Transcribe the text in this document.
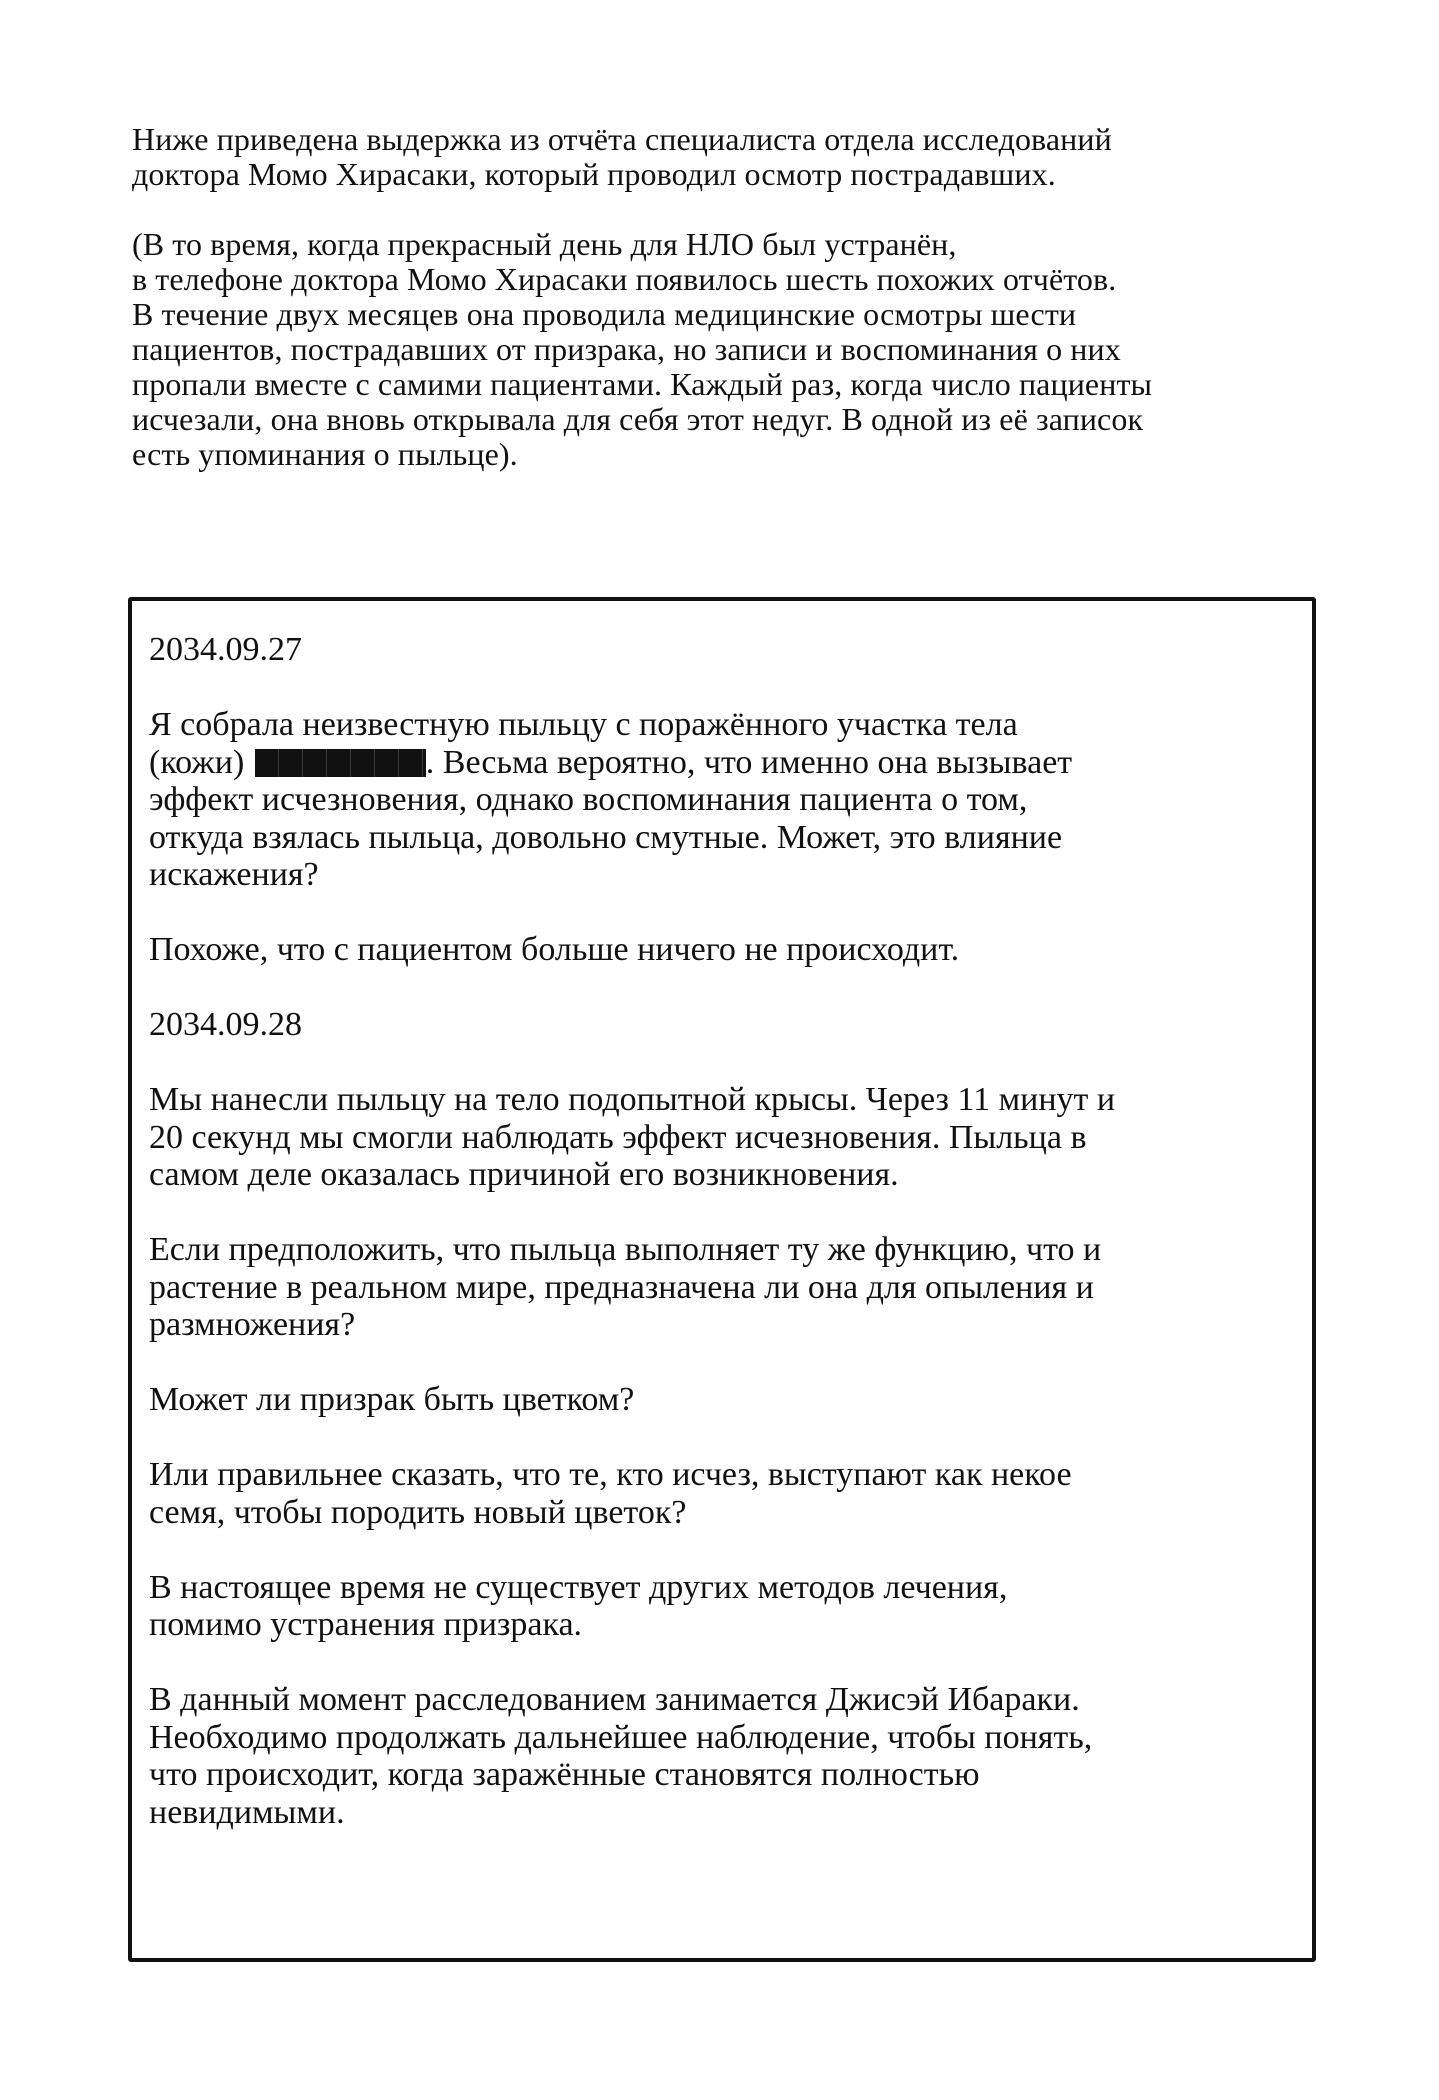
Ниже приведена выдержка из отчёта специалиста отдела исследований
доктора Момо Хирасаки, который проводил осмотр пострадавших.

(В то время, когда прекрасный день для НЛО был устранён,
в телефоне доктора Момо Хирасаки появилось шесть похожих отчётов.
В течение двух месяцев она проводила медицинские осмотры шести
пациентов, пострадавших от призрака, но записи и воспоминания о них
пропали вместе с самими пациентами. Каждый раз, когда число пациенты
исчезали, она вновь открывала для себя этот недуг. В одной из её записок
есть упоминания о пыльце).

2034.09.27

Я собрала неизвестную пыльцу с поражённого участка тела
(кожи)	. Весьма вероятно, что именно она вызывает
эффект исчезновения, однако воспоминания пациента о том,
откуда взялась пыльца, довольно смутные. Может, это влияние
искажения?

Похоже, что с пациентом больше ничего не происходит.

2034.09.28

Мы нанесли пыльцу на тело подопытной крысы. Через 11 минут и
20 секунд мы смогли наблюдать эффект исчезновения. Пыльца в
самом деле оказалась причиной его возникновения.

Если предположить, что пыльца выполняет ту же функцию, что и
растение в реальном мире, предназначена ли она для опыления и
размножения?

Может ли призрак быть цветком?

Или правильнее сказать, что те, кто исчез, выступают как некое
семя, чтобы породить новый цветок?

В настоящее время не существует других методов лечения,
помимо устранения призрака.

В данный момент расследованием занимается Джисэй Ибараки.
Необходимо продолжать дальнейшее наблюдение, чтобы понять,
что происходит, когда заражённые становятся полностью
невидимыми.
